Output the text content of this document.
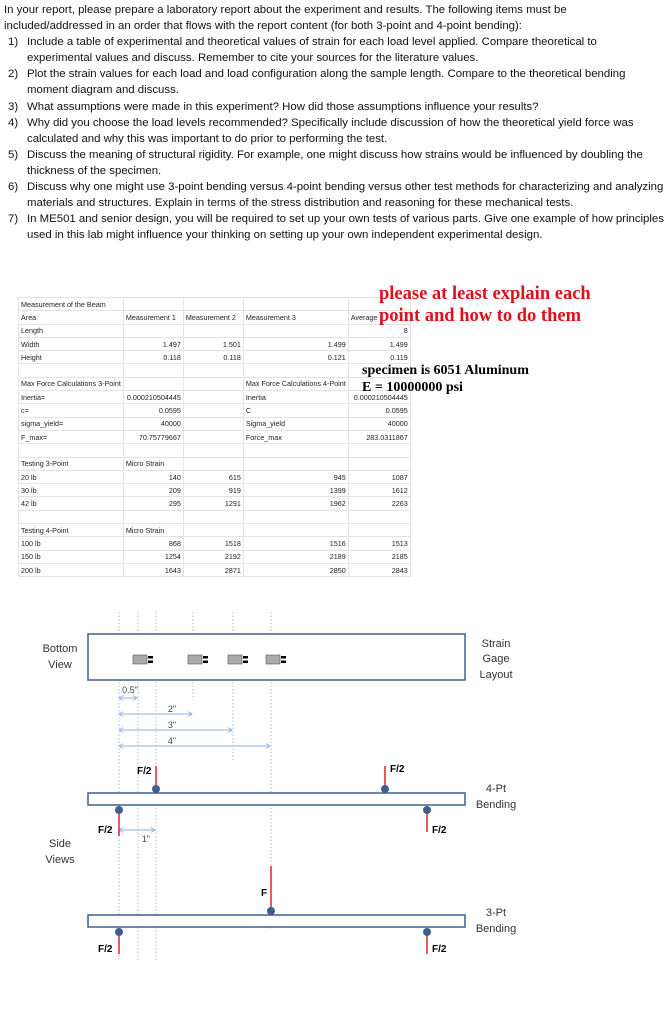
In your report, please prepare a laboratory report about the experiment and results. The following items must be included/addressed in an order that flows with the report content (for both 3-point and 4-point bending):

1) Include a table of experimental and theoretical values of strain for each load level applied. Compare theoretical to experimental values and discuss. Remember to cite your sources for the literature values.
2) Plot the strain values for each load and load configuration along the sample length. Compare to the theoretical bending moment diagram and discuss.
3) What assumptions were made in this experiment? How did those assumptions influence your results?
4) Why did you choose the load levels recommended? Specifically include discussion of how the theoretical yield force was calculated and why this was important to do prior to performing the test.
5) Discuss the meaning of structural rigidity. For example, one might discuss how strains would be influenced by doubling the thickness of the specimen.
6) Discuss why one might use 3-point bending versus 4-point bending versus other test methods for characterizing and analyzing materials and structures. Explain in terms of the stress distribution and reasoning for these mechanical tests.
7) In ME501 and senior design, you will be required to set up your own tests of various parts. Give one example of how principles used in this lab might influence your thinking on setting up your own independent experimental design.
Measurement of the Beam				
Area	Measurement 1	Measurement 2	Measurement 3	Average
Length				8
Width	1.497	1.501	1.499	1.499
Height	0.118	0.118	0.121	0.119

Max Force Calculations 3-Point			Max Force Calculations 4-Point	
Inertia=	0.000210504445		Inertia	0.000210504445
c=	0.0595		C	0.0595
sigma_yield=	40000		Sigma_yield	40000
F_max=	70.75779667		Force_max	283.0311867

Testing 3-Point	Micro Strain			
20 lb	140	615	945	1087
30 lb	209	919	1399	1612
42 lb	295	1291	1962	2263

Testing 4-Point	Micro Strain			
100 lb	868	1518	1516	1513
150 lb	1254	2192	2189	2185
200 lb	1643	2871	2850	2843
please at least explain each
point and how to do them
specimen is 6051 Aluminum
E = 10000000 psi
Bottom
View
0.5"
2"
3"
4"
1"
F/2	F/2
F/2	F/2
Side
Views
F
F/2	F/2
Strain
Gage
Layout
4-Pt
Bending
3-Pt
Bending
